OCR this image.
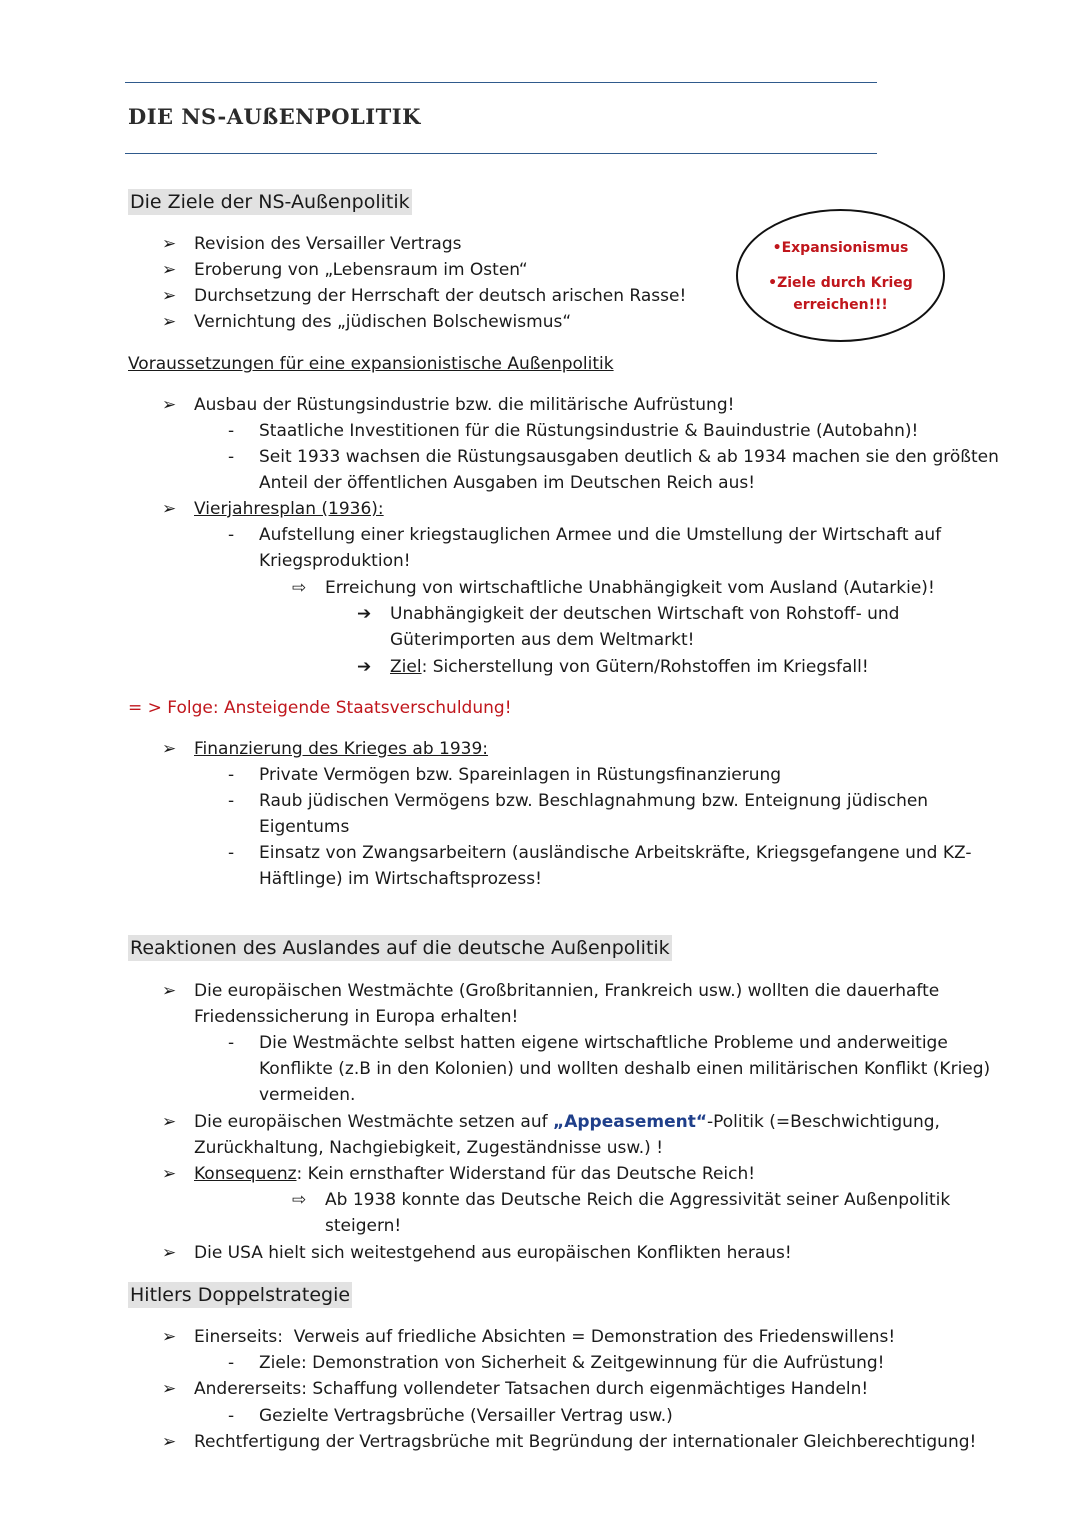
DIE NS-AUßENPOLITIK
Die Ziele der NS-Außenpolitik
➢ Revision des Versailler Vertrags
➢ Eroberung von „Lebensraum im Osten“
➢ Durchsetzung der Herrschaft der deutsch arischen Rasse!
➢ Vernichtung des „jüdischen Bolschewismus“
•Expansionismus
•Ziele durch Krieg
erreichen!!!
Voraussetzungen für eine expansionistische Außenpolitik
➢ Ausbau der Rüstungsindustrie bzw. die militärische Aufrüstung!
- Staatliche Investitionen für die Rüstungsindustrie & Bauindustrie (Autobahn)!
- Seit 1933 wachsen die Rüstungsausgaben deutlich & ab 1934 machen sie den größten
Anteil der öffentlichen Ausgaben im Deutschen Reich aus!
➢ Vierjahresplan (1936):
- Aufstellung einer kriegstauglichen Armee und die Umstellung der Wirtschaft auf
Kriegsproduktion!
⇨ Erreichung von wirtschaftliche Unabhängigkeit vom Ausland (Autarkie)!
➔ Unabhängigkeit der deutschen Wirtschaft von Rohstoff- und
Güterimporten aus dem Weltmarkt!
➔ Ziel: Sicherstellung von Gütern/Rohstoffen im Kriegsfall!
= > Folge: Ansteigende Staatsverschuldung!
➢ Finanzierung des Krieges ab 1939:
- Private Vermögen bzw. Spareinlagen in Rüstungsfinanzierung
- Raub jüdischen Vermögens bzw. Beschlagnahmung bzw. Enteignung jüdischen
Eigentums
- Einsatz von Zwangsarbeitern (ausländische Arbeitskräfte, Kriegsgefangene und KZ-
Häftlinge) im Wirtschaftsprozess!
Reaktionen des Auslandes auf die deutsche Außenpolitik
➢ Die europäischen Westmächte (Großbritannien, Frankreich usw.) wollten die dauerhafte
Friedenssicherung in Europa erhalten!
- Die Westmächte selbst hatten eigene wirtschaftliche Probleme und anderweitige
Konflikte (z.B in den Kolonien) und wollten deshalb einen militärischen Konflikt (Krieg)
vermeiden.
➢ Die europäischen Westmächte setzen auf „Appeasement“-Politik (=Beschwichtigung,
Zurückhaltung, Nachgiebigkeit, Zugeständnisse usw.) !
➢ Konsequenz: Kein ernsthafter Widerstand für das Deutsche Reich!
⇨ Ab 1938 konnte das Deutsche Reich die Aggressivität seiner Außenpolitik
steigern!
➢ Die USA hielt sich weitestgehend aus europäischen Konflikten heraus!
Hitlers Doppelstrategie
➢ Einerseits:  Verweis auf friedliche Absichten = Demonstration des Friedenswillens!
- Ziele: Demonstration von Sicherheit & Zeitgewinnung für die Aufrüstung!
➢ Andererseits: Schaffung vollendeter Tatsachen durch eigenmächtiges Handeln!
- Gezielte Vertragsbrüche (Versailler Vertrag usw.)
➢ Rechtfertigung der Vertragsbrüche mit Begründung der internationaler Gleichberechtigung!
